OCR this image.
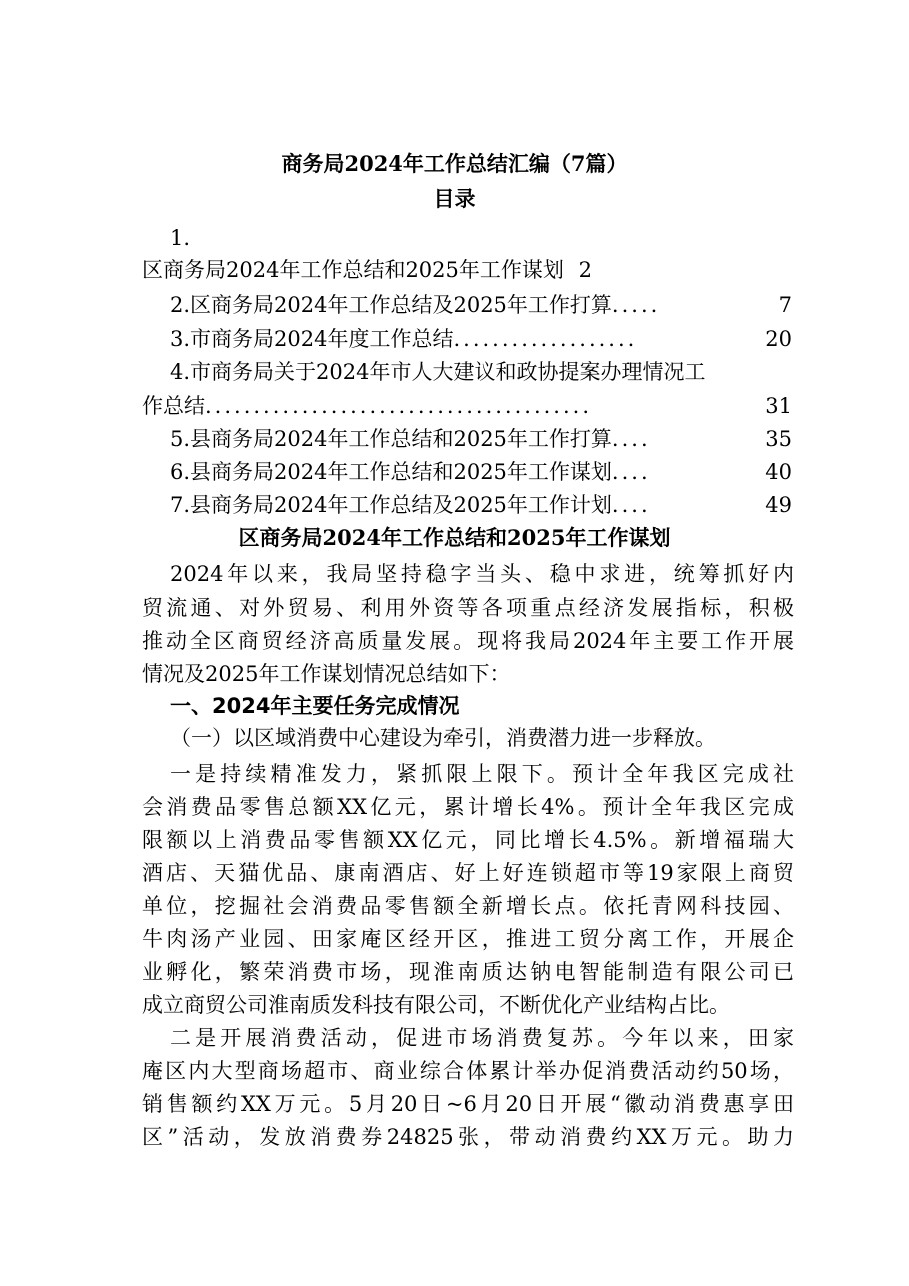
商务局2024年工作总结汇编（7篇）
目录
1.
区商务局2024年工作总结和2025年工作谋划 2
2.区商务局2024年工作总结及2025年工作打算 .....	7
3.市商务局2024年度工作总结 ...................	20
4.市商务局关于2024年市人大建议和政协提案办理情况工
作总结 ........................................	31
5.县商务局2024年工作总结和2025年工作打算 ....	35
6.县商务局2024年工作总结和2025年工作谋划 ....	40
7.县商务局2024年工作总结及2025年工作计划 ....	49
区商务局2024年工作总结和2025年工作谋划
2024年以来，我局坚持稳字当头、稳中求进，统筹抓好内
贸流通、对外贸易、利用外资等各项重点经济发展指标，积极
推动全区商贸经济高质量发展。现将我局2024年主要工作开展
情况及2025年工作谋划情况总结如下：
一、2024年主要任务完成情况
（一）以区域消费中心建设为牵引，消费潜力进一步释放。
一是持续精准发力，紧抓限上限下。预计全年我区完成社
会消费品零售总额XX亿元，累计增长4%。预计全年我区完成
限额以上消费品零售额XX亿元，同比增长4.5%。新增福瑞大
酒店、天猫优品、康南酒店、好上好连锁超市等19家限上商贸
单位，挖掘社会消费品零售额全新增长点。依托青网科技园、
牛肉汤产业园、田家庵区经开区，推进工贸分离工作，开展企
业孵化，繁荣消费市场，现淮南质达钠电智能制造有限公司已
成立商贸公司淮南质发科技有限公司，不断优化产业结构占比。
二是开展消费活动，促进市场消费复苏。今年以来，田家
庵区内大型商场超市、商业综合体累计举办促消费活动约50场，
销售额约XX万元。5月20日~6月20日开展“徽动消费惠享田
区”活动，发放消费券24825张，带动消费约XX万元。助力
